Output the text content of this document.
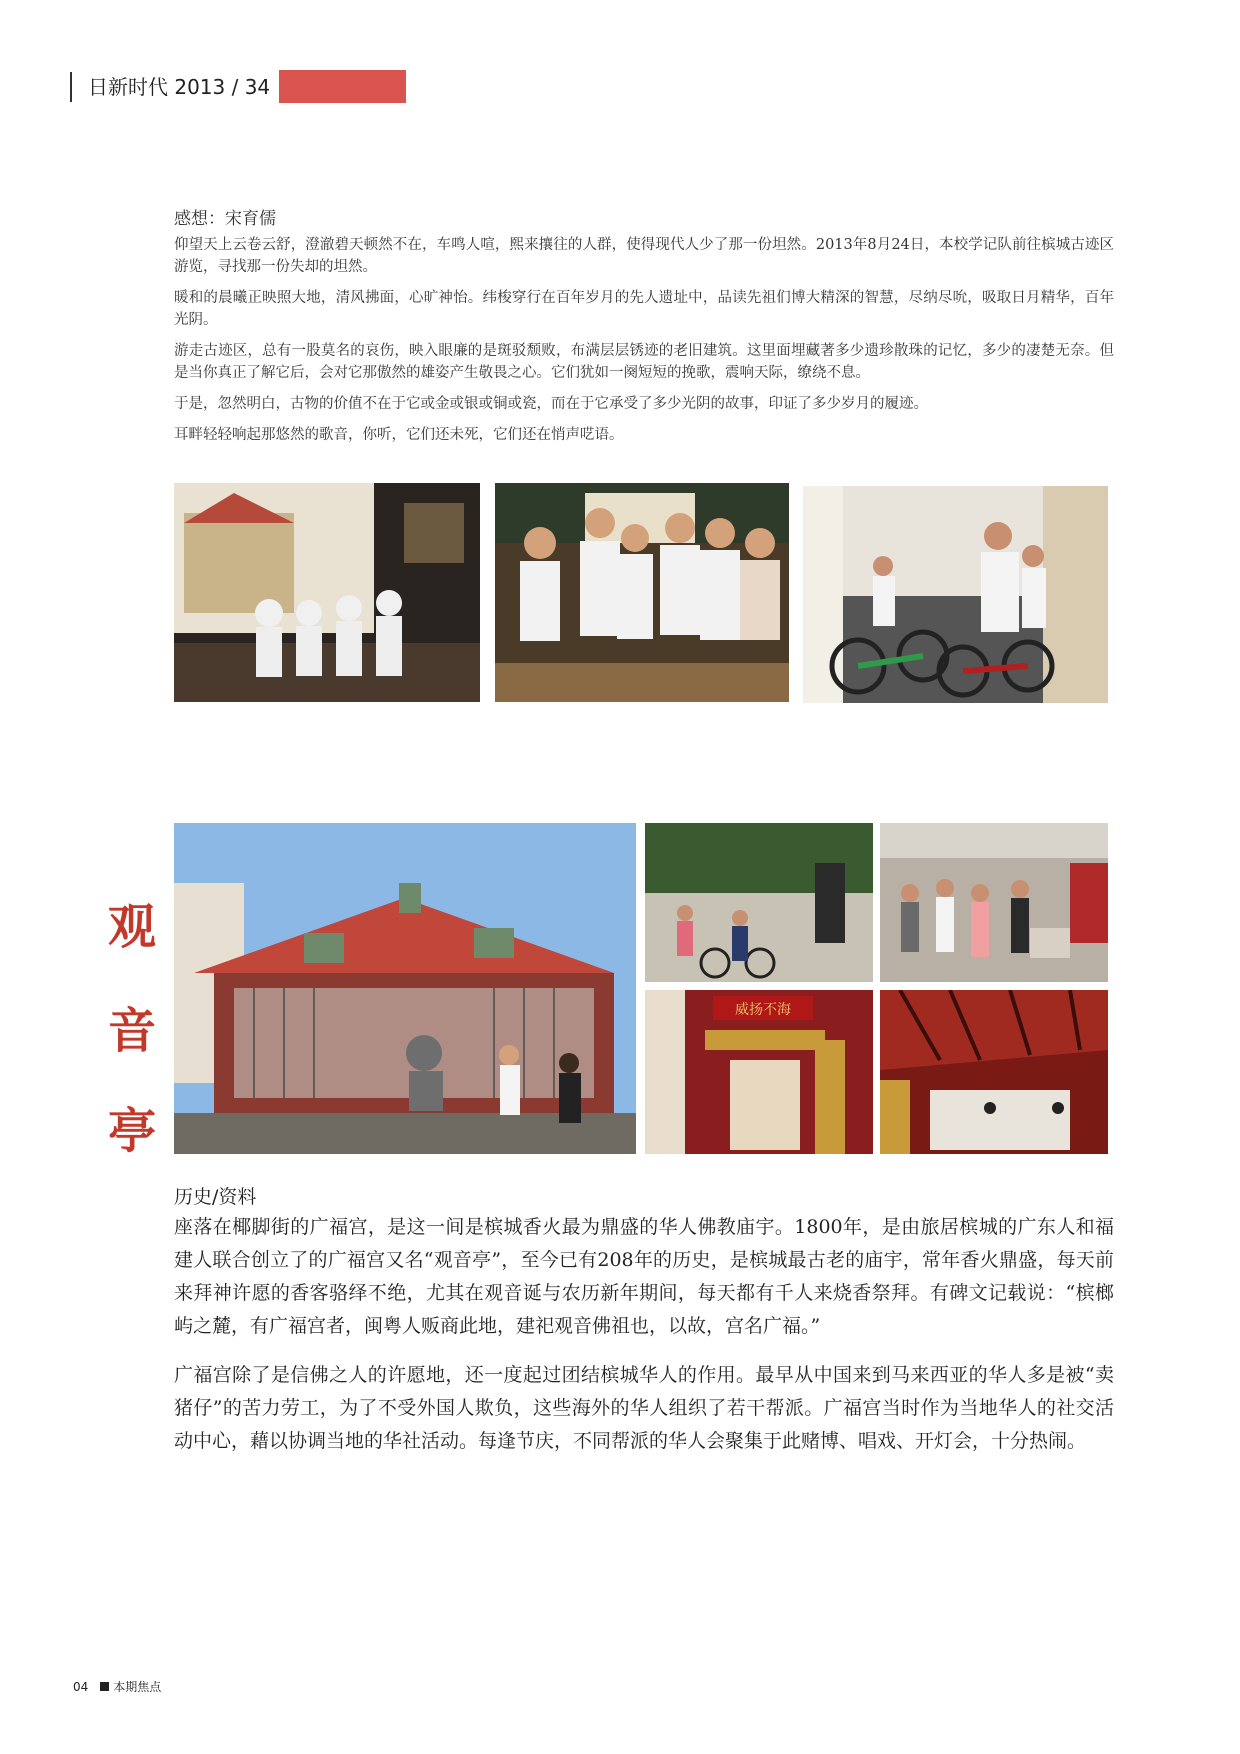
日新时代 2013 / 34
感想：宋育儒

仰望天上云卷云舒，澄澈碧天顿然不在，车鸣人喧，熙来攘往的人群，使得现代人少了那一份坦然。2013年8月24日，本校学记队前往槟城古迹区游览，寻找那一份失却的坦然。

暖和的晨曦正映照大地，清风拂面，心旷神怡。纬梭穿行在百年岁月的先人遗址中，品读先祖们博大精深的智慧，尽纳尽吮，吸取日月精华，百年光阴。

游走古迹区，总有一股莫名的哀伤，映入眼廉的是斑驳颓败，布满层层锈迹的老旧建筑。这里面埋藏著多少遗珍散珠的记忆，多少的凄楚无奈。但是当你真正了解它后，会对它那傲然的雄姿产生敬畏之心。它们犹如一阕短短的挽歌，震响天际，缭绕不息。

于是，忽然明白，古物的价值不在于它或金或银或铜或瓷，而在于它承受了多少光阴的故事，印证了多少岁月的履迹。

耳畔轻轻响起那悠然的歌音，你听，它们还未死，它们还在悄声呓语。

观
音
亭
威扬不海
历史/资料

座落在椰脚街的广福宫，是这一间是槟城香火最为鼎盛的华人佛教庙宇。1800年，是由旅居槟城的广东人和福建人联合创立了的广福宫又名“观音亭”，至今已有208年的历史，是槟城最古老的庙宇，常年香火鼎盛，每天前来拜神许愿的香客骆绎不绝，尤其在观音诞与农历新年期间，每天都有千人来烧香祭拜。有碑文记载说：“槟榔屿之麓，有广福宫者，闽粤人贩商此地，建祀观音佛祖也，以故，宫名广福。”

广福宫除了是信佛之人的许愿地，还一度起过团结槟城华人的作用。最早从中国来到马来西亚的华人多是被“卖猪仔”的苦力劳工，为了不受外国人欺负，这些海外的华人组织了若干帮派。广福宫当时作为当地华人的社交活动中心，藉以协调当地的华社活动。每逢节庆，不同帮派的华人会聚集于此赌博、唱戏、开灯会，十分热闹。

04 本期焦点
